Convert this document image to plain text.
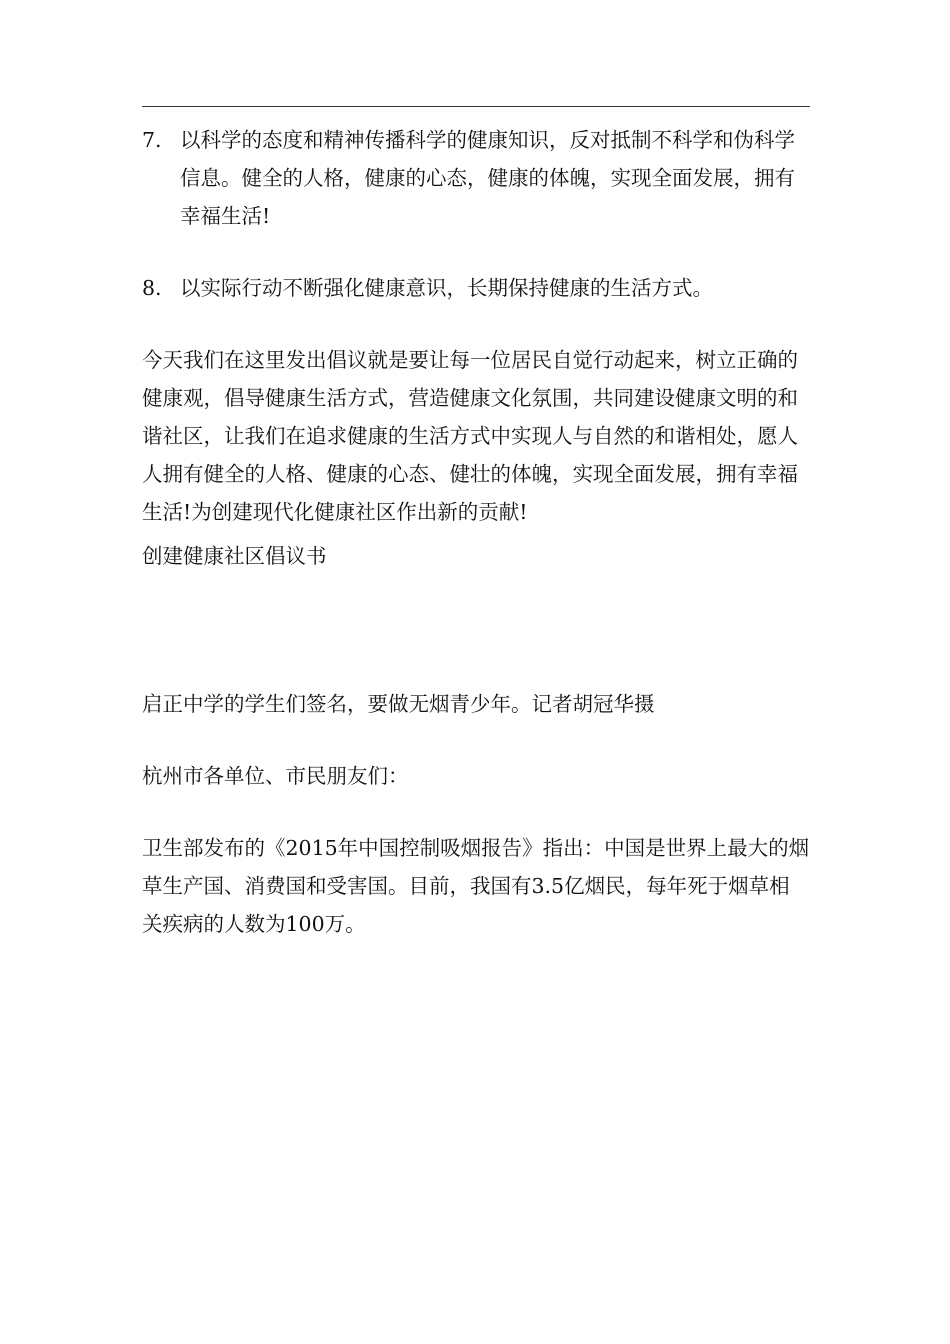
7. 以科学的态度和精神传播科学的健康知识，反对抵制不科学和伪科学信息。健全的人格，健康的心态，健康的体魄，实现全面发展，拥有幸福生活!
8. 以实际行动不断强化健康意识，长期保持健康的生活方式。

今天我们在这里发出倡议就是要让每一位居民自觉行动起来，树立正确的健康观，倡导健康生活方式，营造健康文化氛围，共同建设健康文明的和谐社区，让我们在追求健康的生活方式中实现人与自然的和谐相处，愿人人拥有健全的人格、健康的心态、健壮的体魄，实现全面发展，拥有幸福生活!为创建现代化健康社区作出新的贡献!

创建健康社区倡议书

启正中学的学生们签名，要做无烟青少年。记者胡冠华摄

杭州市各单位、市民朋友们：

卫生部发布的《2015年中国控制吸烟报告》指出：中国是世界上最大的烟草生产国、消费国和受害国。目前，我国有3.5亿烟民，每年死于烟草相关疾病的人数为100万。
